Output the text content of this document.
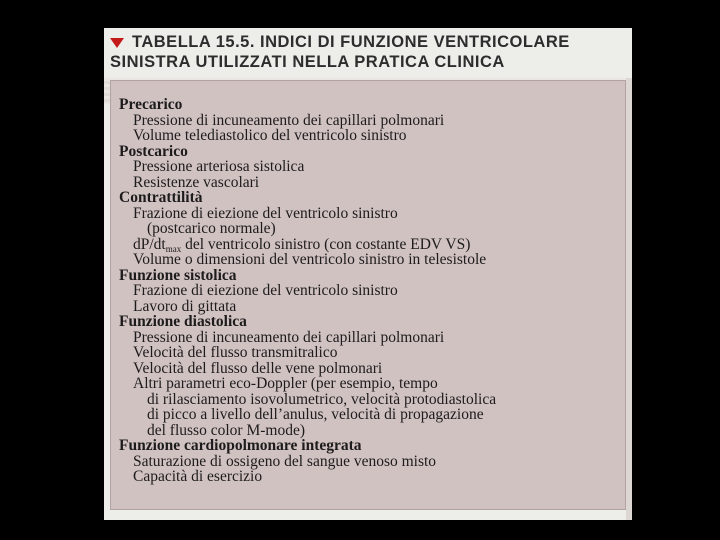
TABELLA 15.5. INDICI DI FUNZIONE VENTRICOLARE
SINISTRA UTILIZZATI NELLA PRATICA CLINICA
Precarico
Pressione di incuneamento dei capillari polmonari
Volume telediastolico del ventricolo sinistro
Postcarico
Pressione arteriosa sistolica
Resistenze vascolari
Contrattilità
Frazione di eiezione del ventricolo sinistro
(postcarico normale)
$dP/dt_{max}$ del ventricolo sinistro (con costante EDV VS)
Volume o dimensioni del ventricolo sinistro in telesistole
Funzione sistolica
Frazione di eiezione del ventricolo sinistro
Lavoro di gittata
Funzione diastolica
Pressione di incuneamento dei capillari polmonari
Velocità del flusso transmitralico
Velocità del flusso delle vene polmonari
Altri parametri eco-Doppler (per esempio, tempo
di rilasciamento isovolumetrico, velocità protodiastolica
di picco a livello dell’anulus, velocità di propagazione
del flusso color M-mode)
Funzione cardiopolmonare integrata
Saturazione di ossigeno del sangue venoso misto
Capacità di esercizio
